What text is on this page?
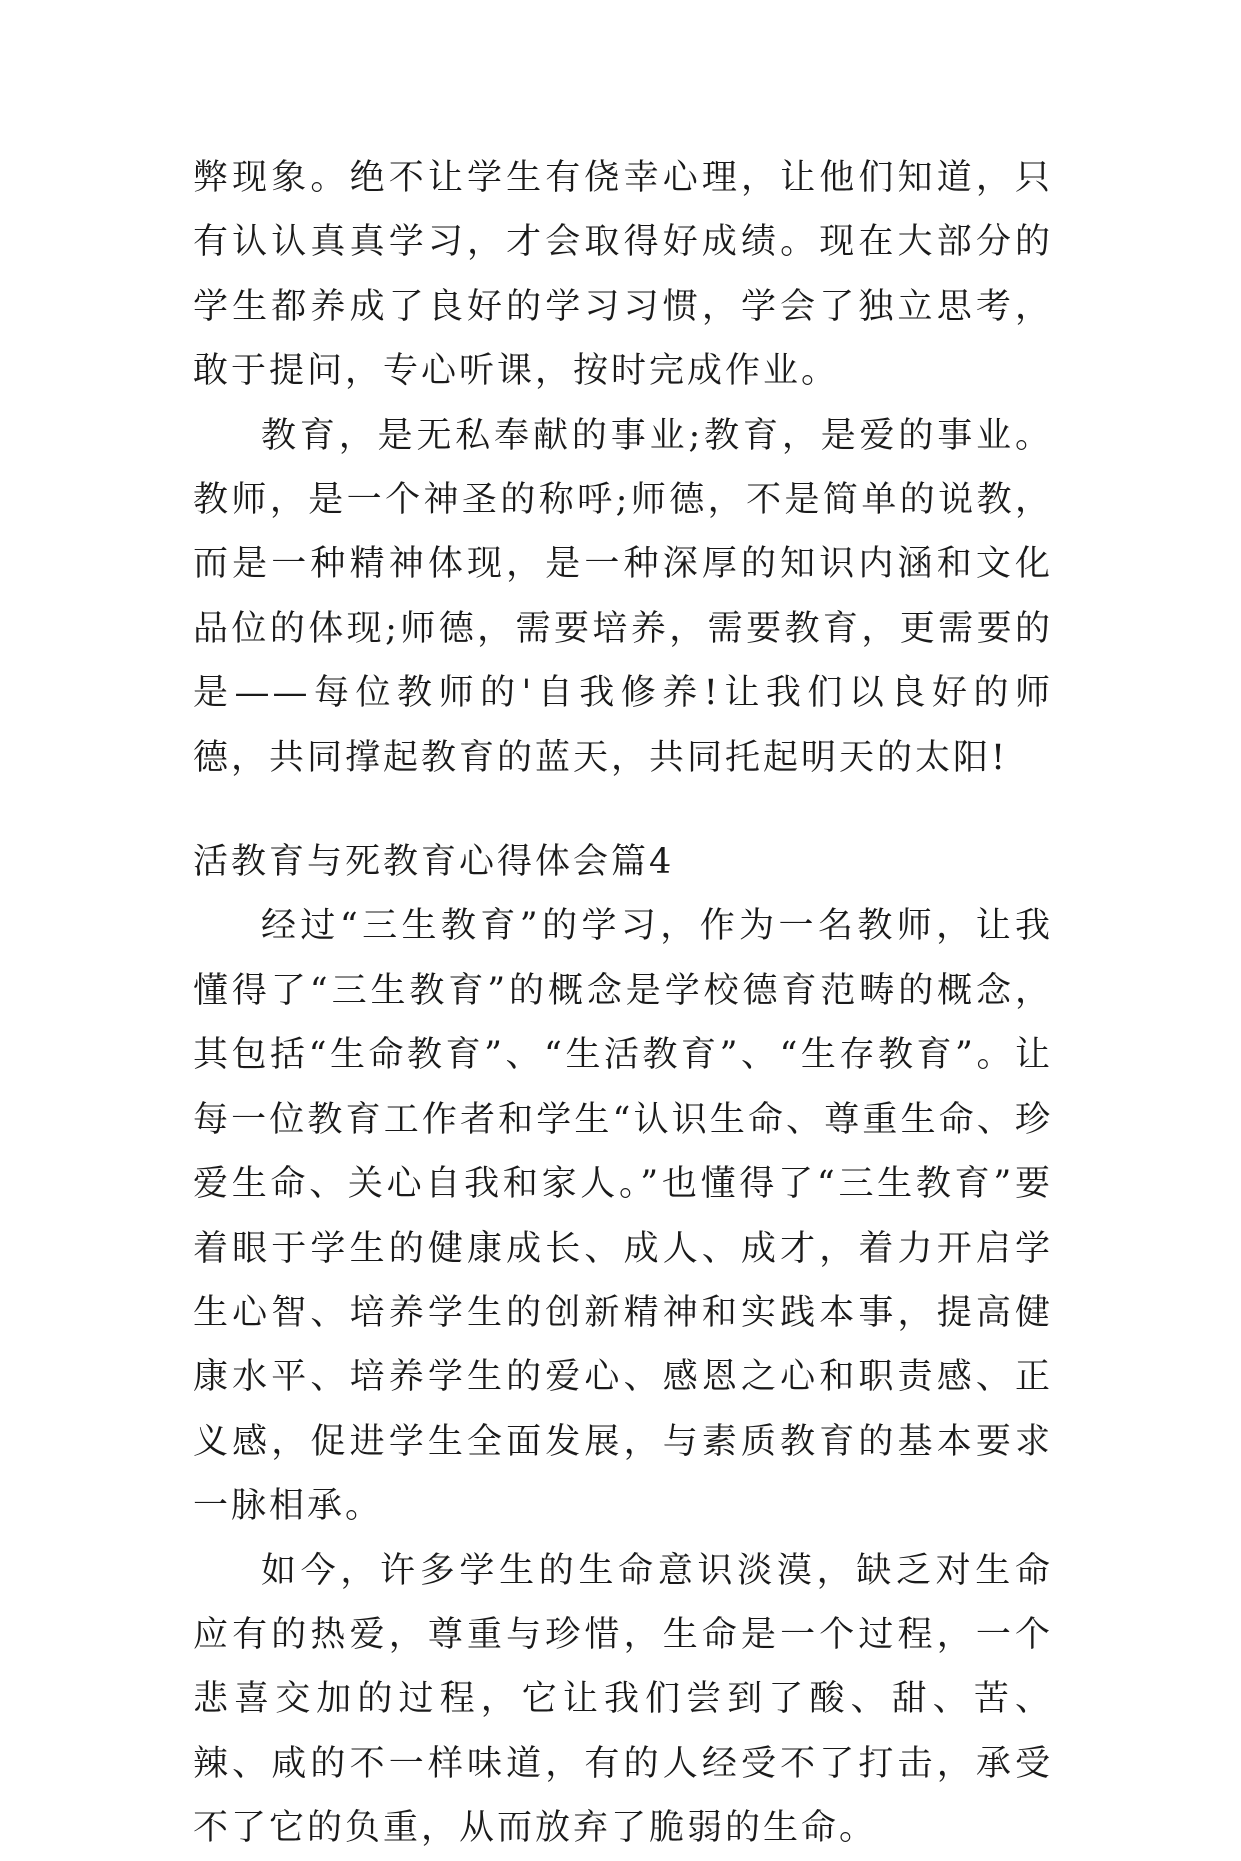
弊现象。绝不让学生有侥幸心理，让他们知道，只有认认真真学习，才会取得好成绩。现在大部分的学生都养成了良好的学习习惯，学会了独立思考，敢于提问，专心听课，按时完成作业。

教育，是无私奉献的事业;教育，是爱的事业。教师，是一个神圣的称呼;师德，不是简单的说教，而是一种精神体现，是一种深厚的知识内涵和文化品位的体现;师德，需要培养，需要教育，更需要的是——每位教师的'自我修养!让我们以良好的师德，共同撑起教育的蓝天，共同托起明天的太阳!

活教育与死教育心得体会篇4

经过“三生教育”的学习，作为一名教师，让我懂得了“三生教育”的概念是学校德育范畴的概念，其包括“生命教育”、“生活教育”、“生存教育”。让每一位教育工作者和学生“认识生命、尊重生命、珍爱生命、关心自我和家人。”也懂得了“三生教育”要着眼于学生的健康成长、成人、成才，着力开启学生心智、培养学生的创新精神和实践本事，提高健康水平、培养学生的爱心、感恩之心和职责感、正义感，促进学生全面发展，与素质教育的基本要求一脉相承。

如今，许多学生的生命意识淡漠，缺乏对生命应有的热爱，尊重与珍惜，生命是一个过程，一个悲喜交加的过程，它让我们尝到了酸、甜、苦、辣、咸的不一样味道，有的人经受不了打击，承受不了它的负重，从而放弃了脆弱的生命。
